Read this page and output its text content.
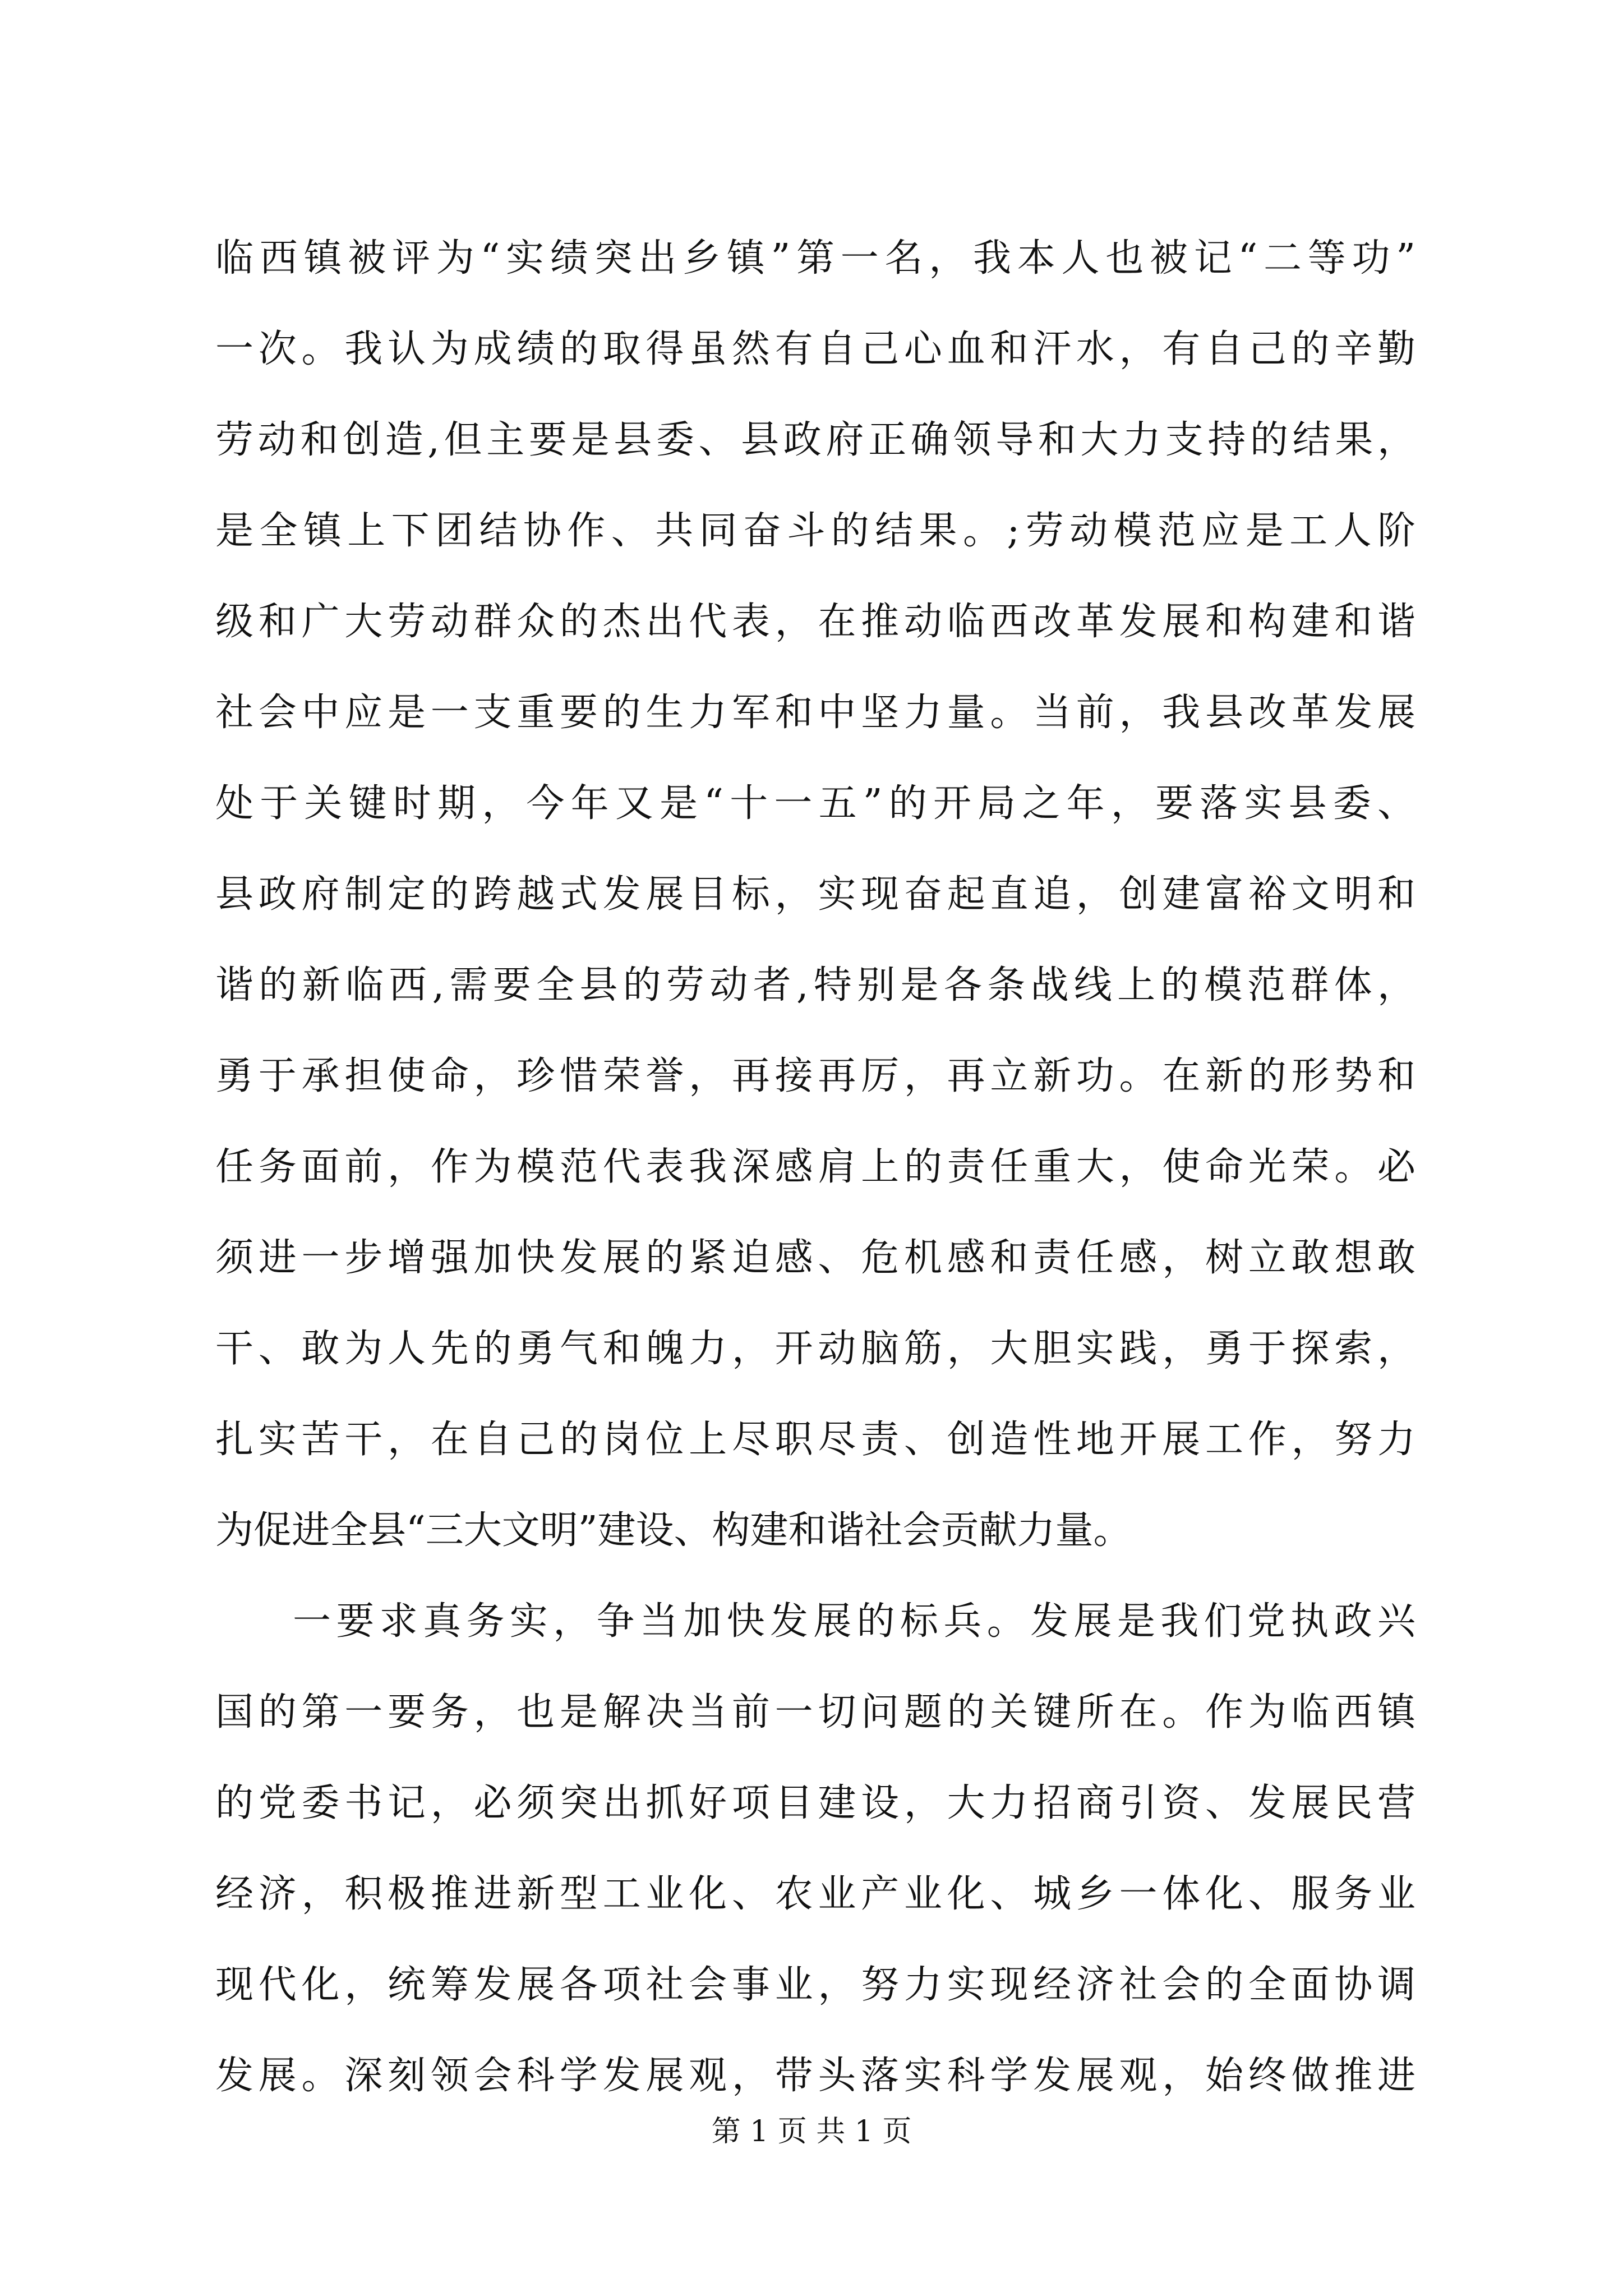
临西镇被评为“实绩突出乡镇”第一名，我本人也被记“二等功”
一次。我认为成绩的取得虽然有自己心血和汗水，有自己的辛勤
劳动和创造,但主要是县委、县政府正确领导和大力支持的结果，
是全镇上下团结协作、共同奋斗的结果。;劳动模范应是工人阶
级和广大劳动群众的杰出代表，在推动临西改革发展和构建和谐
社会中应是一支重要的生力军和中坚力量。当前，我县改革发展
处于关键时期，今年又是“十一五”的开局之年，要落实县委、
县政府制定的跨越式发展目标，实现奋起直追，创建富裕文明和
谐的新临西,需要全县的劳动者,特别是各条战线上的模范群体，
勇于承担使命，珍惜荣誉，再接再厉，再立新功。在新的形势和
任务面前，作为模范代表我深感肩上的责任重大，使命光荣。必
须进一步增强加快发展的紧迫感、危机感和责任感，树立敢想敢
干、敢为人先的勇气和魄力，开动脑筋，大胆实践，勇于探索，
扎实苦干，在自己的岗位上尽职尽责、创造性地开展工作，努力
为促进全县“三大文明”建设、构建和谐社会贡献力量。
一要求真务实，争当加快发展的标兵。发展是我们党执政兴
国的第一要务，也是解决当前一切问题的关键所在。作为临西镇
的党委书记，必须突出抓好项目建设，大力招商引资、发展民营
经济，积极推进新型工业化、农业产业化、城乡一体化、服务业
现代化，统筹发展各项社会事业，努力实现经济社会的全面协调
发展。深刻领会科学发展观，带头落实科学发展观，始终做推进
第 1 页 共 1 页
